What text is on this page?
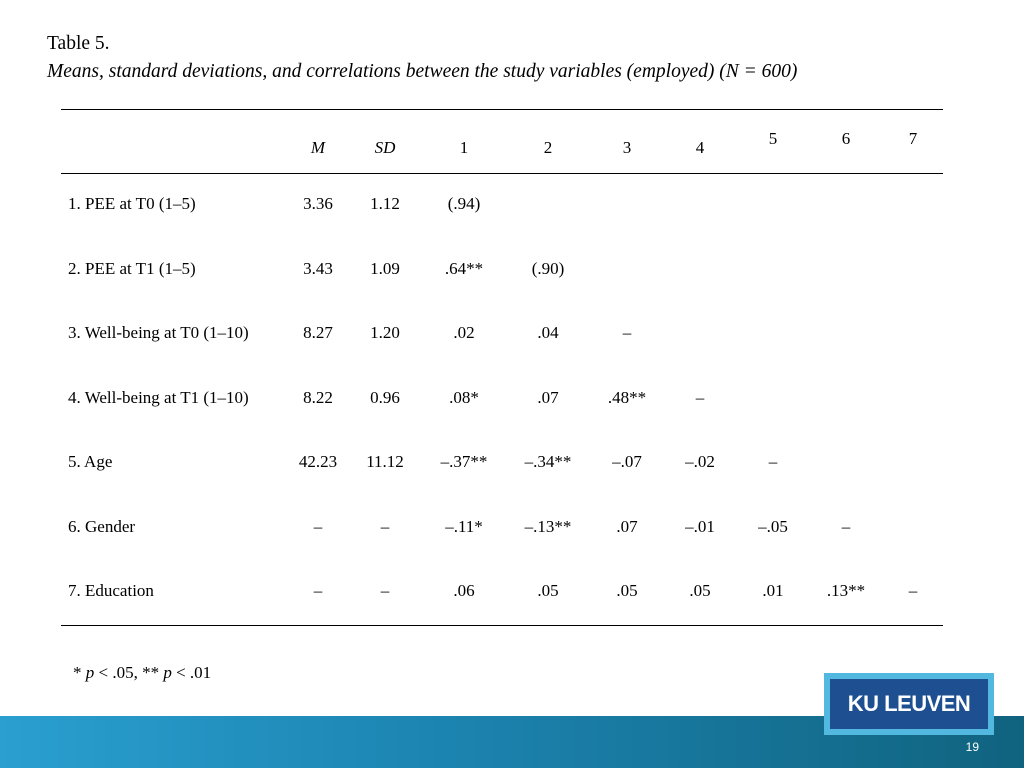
Table 5.
Means, standard deviations, and correlations between the study variables (employed) (N = 600)
M	SD	1	2	3	4	5	6	7
1. PEE at T0 (1–5)	3.36 1.12	(.94)
2. PEE at T1 (1–5)	3.43 1.09	.64**	(.90)
3. Well-being at T0 (1–10)	8.27 1.20	.02	.04	–
4. Well-being at T1 (1–10)	8.22 0.96	.08*	.07	.48**	–
5. Age	42.23 11.12 –.37** –.34** –.07	–.02	–
6. Gender	–	–	–.11* –.13**	.07	–.01	–.05	–
7. Education	–	–	.06	.05	.05	.05	.01	.13**	–
* p < .05, ** p < .01
KU LEUVEN
19
